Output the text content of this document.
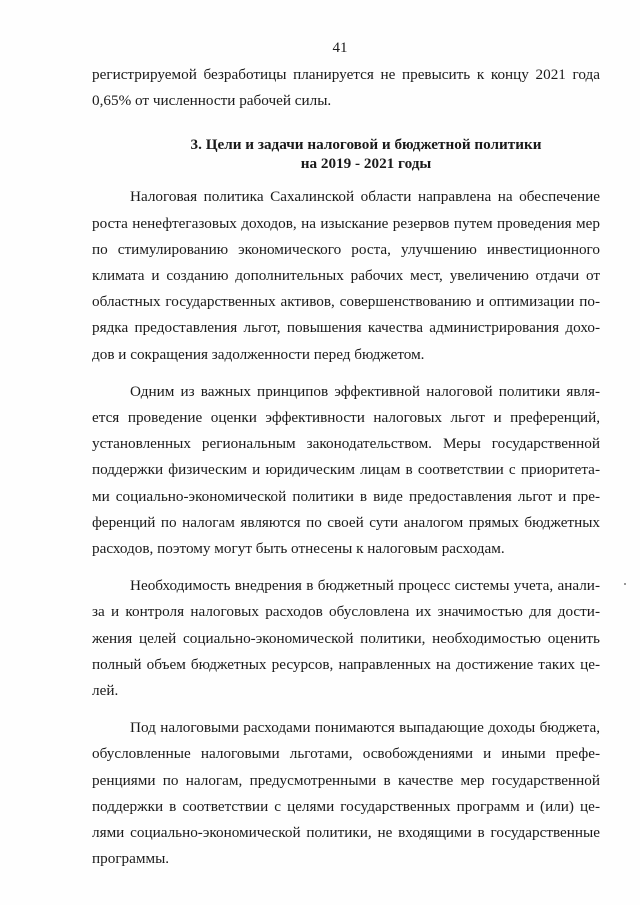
41

регистрируемой безработицы планируется не превысить к концу 2021 года 0,65% от численности рабочей силы.

3. Цели и задачи налоговой и бюджетной политики
на 2019 - 2021 годы

Налоговая политика Сахалинской области направлена на обеспечение роста ненефтегазовых доходов, на изыскание резервов путем проведения мер по стимулированию экономического роста, улучшению инвестиционного климата и созданию дополнительных рабочих мест, увеличению отдачи от областных государственных активов, совершенствованию и оптимизации порядка предоставления льгот, повышения качества администрирования доходов и сокращения задолженности перед бюджетом.

Одним из важных принципов эффективной налоговой политики является проведение оценки эффективности налоговых льгот и преференций, установленных региональным законодательством. Меры государственной поддержки физическим и юридическим лицам в соответствии с приоритетами социально-экономической политики в виде предоставления льгот и преференций по налогам являются по своей сути аналогом прямых бюджетных расходов, поэтому могут быть отнесены к налоговым расходам.

Необходимость внедрения в бюджетный процесс системы учета, анализа и контроля налоговых расходов обусловлена их значимостью для достижения целей социально-экономической политики, необходимостью оценить полный объем бюджетных ресурсов, направленных на достижение таких целей.

Под налоговыми расходами понимаются выпадающие доходы бюджета, обусловленные налоговыми льготами, освобождениями и иными преференциями по налогам, предусмотренными в качестве мер государственной поддержки в соответствии с целями государственных программ и (или) целями социально-экономической политики, не входящими в государственные программы.
